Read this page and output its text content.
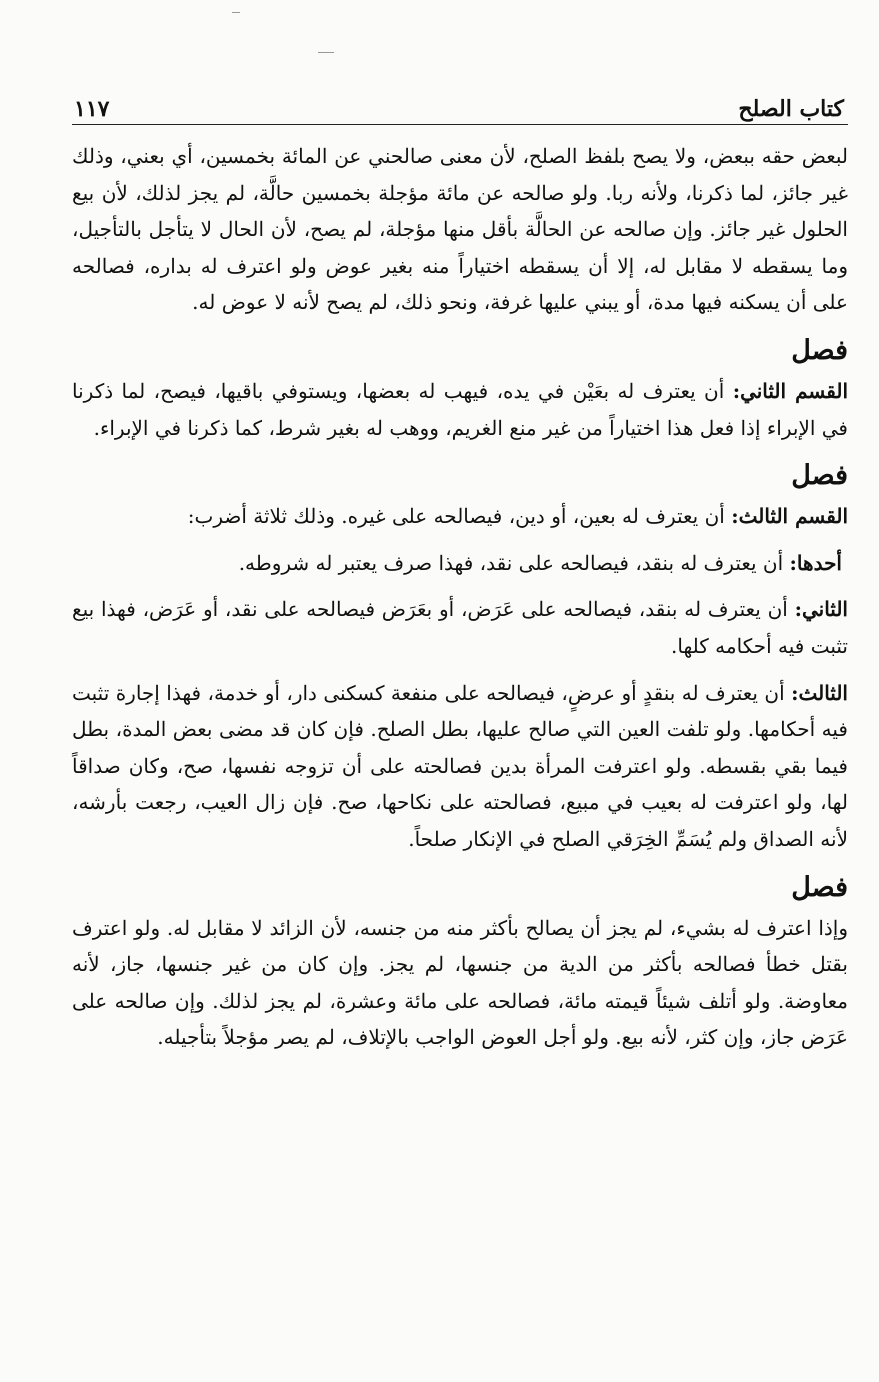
كتاب الصلح
١١٧

لبعض حقه ببعض، ولا يصح بلفظ الصلح، لأن معنى صالحني عن المائة بخمسين، أي بعني، وذلك غير جائز، لما ذكرنا، ولأنه ربا. ولو صالحه عن مائة مؤجلة بخمسين حالَّة، لم يجز لذلك، لأن بيع الحلول غير جائز. وإن صالحه عن الحالَّة بأقل منها مؤجلة، لم يصح، لأن الحال لا يتأجل بالتأجيل، وما يسقطه لا مقابل له، إلا أن يسقطه اختياراً منه بغير عوض ولو اعترف له بداره، فصالحه على أن يسكنه فيها مدة، أو يبني عليها غرفة، ونحو ذلك، لم يصح لأنه لا عوض له.

فصل

القسم الثاني: أن يعترف له بعَيْن في يده، فيهب له بعضها، ويستوفي باقيها، فيصح، لما ذكرنا في الإبراء إذا فعل هذا اختياراً من غير منع الغريم، ووهب له بغير شرط، كما ذكرنا في الإبراء.

فصل

القسم الثالث: أن يعترف له بعين، أو دين، فيصالحه على غيره. وذلك ثلاثة أضرب:

أحدها: أن يعترف له بنقد، فيصالحه على نقد، فهذا صرف يعتبر له شروطه.

الثاني: أن يعترف له بنقد، فيصالحه على عَرَض، أو بعَرَض فيصالحه على نقد، أو عَرَض، فهذا بيع تثبت فيه أحكامه كلها.

الثالث: أن يعترف له بنقدٍ أو عرضٍ، فيصالحه على منفعة كسكنى دار، أو خدمة، فهذا إجارة تثبت فيه أحكامها. ولو تلفت العين التي صالح عليها، بطل الصلح. فإن كان قد مضى بعض المدة، بطل فيما بقي بقسطه. ولو اعترفت المرأة بدين فصالحته على أن تزوجه نفسها، صح، وكان صداقاً لها، ولو اعترفت له بعيب في مبيع، فصالحته على نكاحها، صح. فإن زال العيب، رجعت بأرشه، لأنه الصداق ولم يُسَمِّ الخِرَقي الصلح في الإنكار صلحاً.

فصل

وإذا اعترف له بشيء، لم يجز أن يصالح بأكثر منه من جنسه، لأن الزائد لا مقابل له. ولو اعترف بقتل خطأ فصالحه بأكثر من الدية من جنسها، لم يجز. وإن كان من غير جنسها، جاز، لأنه معاوضة. ولو أتلف شيئاً قيمته مائة، فصالحه على مائة وعشرة، لم يجز لذلك. وإن صالحه على عَرَض جاز، وإن كثر، لأنه بيع. ولو أجل العوض الواجب بالإتلاف، لم يصر مؤجلاً بتأجيله.
